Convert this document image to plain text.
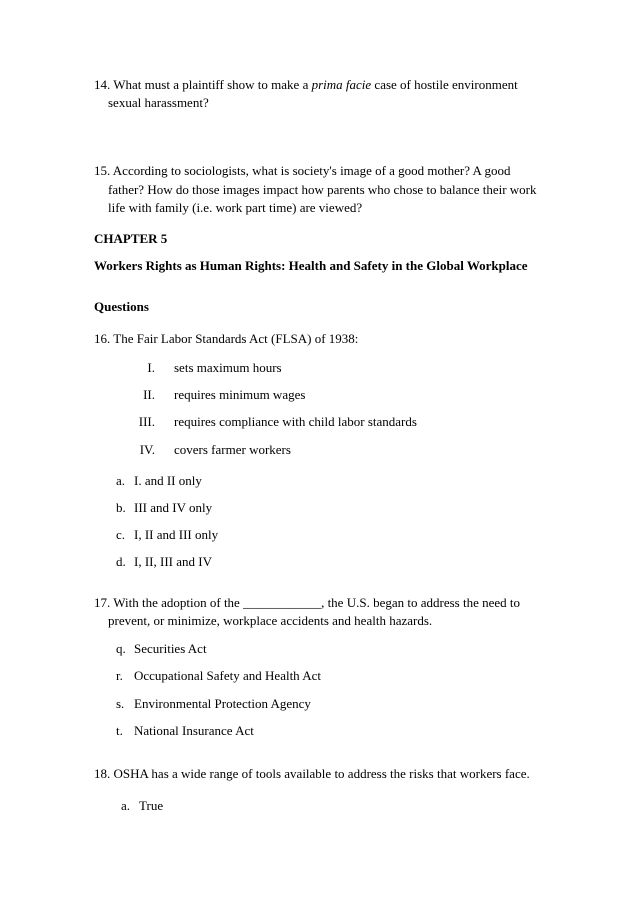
14. What must a plaintiff show to make a prima facie case of hostile environment
sexual harassment?
15. According to sociologists, what is society's image of a good mother? A good
father? How do those images impact how parents who chose to balance their work
life with family (i.e. work part time) are viewed?
CHAPTER 5
Workers Rights as Human Rights: Health and Safety in the Global Workplace
Questions
16. The Fair Labor Standards Act (FLSA) of 1938:
I. sets maximum hours
II. requires minimum wages
III. requires compliance with child labor standards
IV. covers farmer workers
a. I. and II only
b. III and IV only
c. I, II and III only
d. I, II, III and IV
17. With the adoption of the ____________, the U.S. began to address the need to
prevent, or minimize, workplace accidents and health hazards.
q. Securities Act
r. Occupational Safety and Health Act
s. Environmental Protection Agency
t. National Insurance Act
18. OSHA has a wide range of tools available to address the risks that workers face.
a. True
